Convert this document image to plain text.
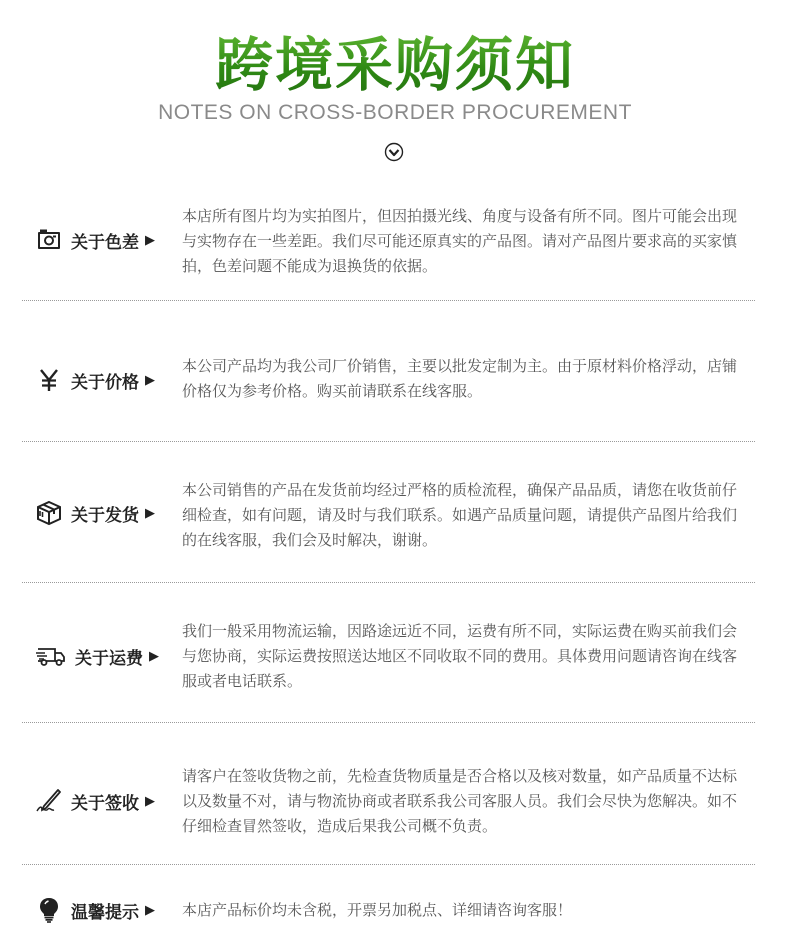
跨境采购须知
NOTES ON CROSS-BORDER PROCUREMENT
关于色差 ▶
本店所有图片均为实拍图片，但因拍摄光线、角度与设备有所不同。图片可能会出现与实物存在一些差距。我们尽可能还原真实的产品图。请对产品图片要求高的买家慎拍，色差问题不能成为退换货的依据。
关于价格 ▶
本公司产品均为我公司厂价销售，主要以批发定制为主。由于原材料价格浮动，店铺价格仅为参考价格。购买前请联系在线客服。
关于发货 ▶
本公司销售的产品在发货前均经过严格的质检流程，确保产品品质，请您在收货前仔细检查，如有问题，请及时与我们联系。如遇产品质量问题，请提供产品图片给我们的在线客服，我们会及时解决，谢谢。
关于运费 ▶
我们一般采用物流运输，因路途远近不同，运费有所不同，实际运费在购买前我们会与您协商，实际运费按照送达地区不同收取不同的费用。具体费用问题请咨询在线客服或者电话联系。
关于签收 ▶
请客户在签收货物之前，先检查货物质量是否合格以及核对数量，如产品质量不达标以及数量不对，请与物流协商或者联系我公司客服人员。我们会尽快为您解决。如不仔细检查冒然签收，造成后果我公司概不负责。
温馨提示 ▶ 本店产品标价均未含税，开票另加税点、详细请咨询客服！
